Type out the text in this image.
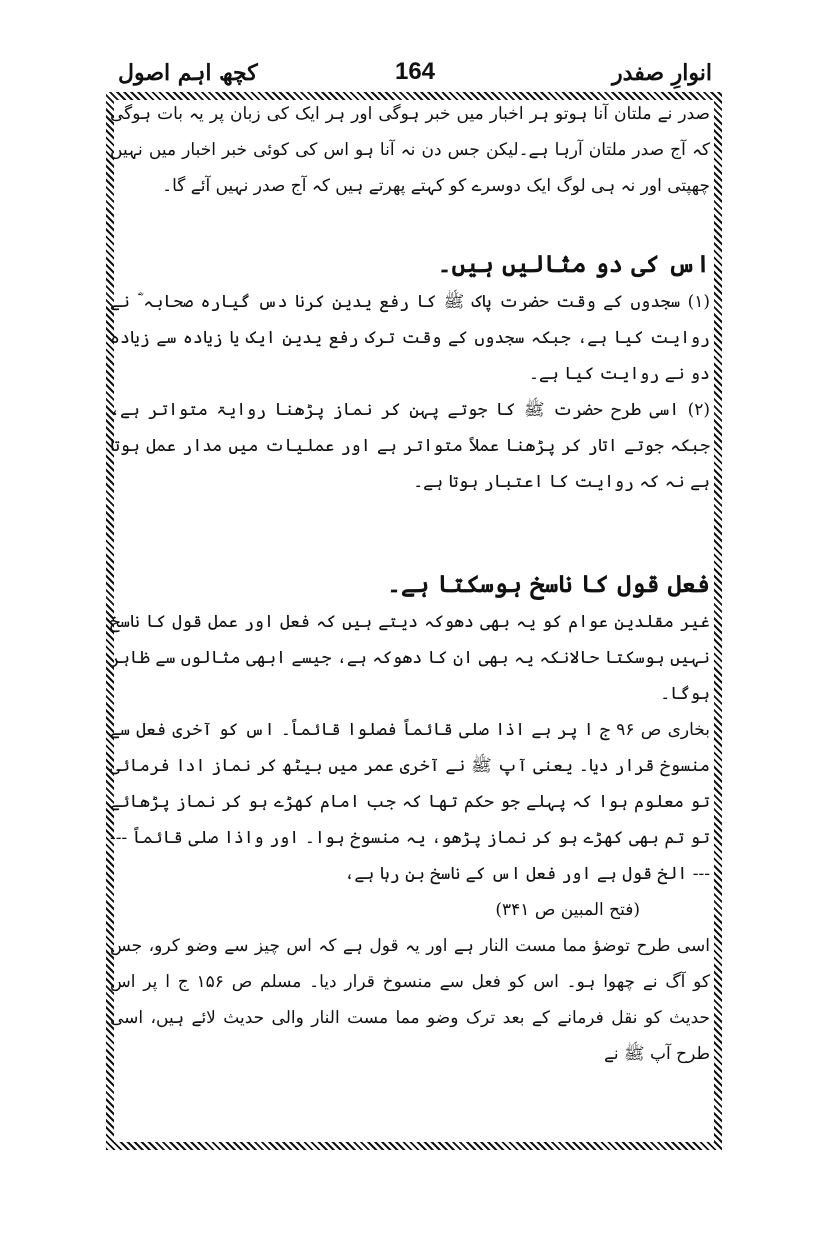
کچھ اہم اصول	164	انوارِ صفدر

صدر نے ملتان آنا ہوتو ہر اخبار میں خبر ہوگی اور ہر ایک کی زبان پر یہ بات ہوگی کہ آج صدر ملتان آرہا ہے۔لیکن جس دن نہ آنا ہو اس کی کوئی خبر اخبار میں نہیں چھپتی اور نہ ہی لوگ ایک دوسرے کو کہتے پھرتے ہیں کہ آج صدر نہیں آئے گا۔

اس کی دو مثالیں ہیں۔

(۱) سجدوں کے وقت حضرت پاک ﷺ کا رفع یدین کرنا دس گیارہ صحابہ ؓ نے روایت کیا ہے، جبکہ سجدوں کے وقت ترک رفع یدین ایک یا زیادہ سے زیادہ دو نے روایت کیا ہے۔

(۲) اسی طرح حضرت ﷺ کا جوتے پہن کر نماز پڑھنا روایۃ متواتر ہے، جبکہ جوتے اتار کر پڑھنا عملاً متواتر ہے اور عملیات میں مدار عمل ہوتا ہے نہ کہ روایت کا اعتبار ہوتا ہے۔

فعل قول کا ناسخ ہوسکتا ہے۔

غیر مقلدین عوام کو یہ بھی دھوکہ دیتے ہیں کہ فعل اور عمل قول کا ناسخ نہیں ہوسکتا حالانکہ یہ بھی ان کا دھوکہ ہے، جیسے ابھی مثالوں سے ظاہر ہوگا۔

بخاری ص ۹۶ ج ا پر ہے اذا صلی قائماً فصلوا قائماً۔ اس کو آخری فعل سے منسوخ قرار دیا۔ یعنی آپ ﷺ نے آخری عمر میں بیٹھ کر نماز ادا فرمائی تو معلوم ہوا کہ پہلے جو حکم تھا کہ جب امام کھڑے ہو کر نماز پڑھائے تو تم بھی کھڑے ہو کر نماز پڑھو، یہ منسوخ ہوا۔ اور واذا صلی قائماً ------ الخ قول ہے اور فعل اس کے ناسخ بن رہا ہے،

(فتح المبین ص ۳۴۱)

اسی طرح توضؤ مما مست النار ہے اور یہ قول ہے کہ اس چیز سے وضو کرو، جس کو آگ نے چھوا ہو۔ اس کو فعل سے منسوخ قرار دیا۔ مسلم ص ۱۵۶ ج ا پر اس حدیث کو نقل فرمانے کے بعد ترک وضو مما مست النار والی حدیث لائے ہیں، اسی طرح آپ ﷺ نے
